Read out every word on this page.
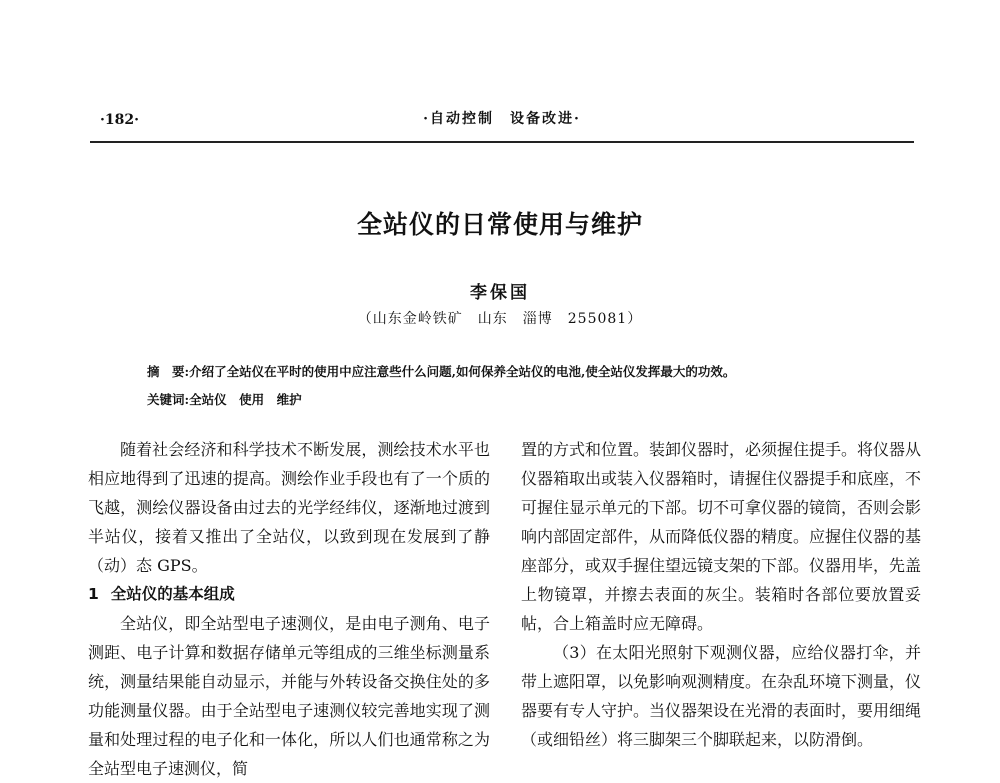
·182·	·自动控制　设备改进·
全站仪的日常使用与维护
李保国
（山东金岭铁矿　山东　淄博　255081）
摘　要:介绍了全站仪在平时的使用中应注意些什么问题,如何保养全站仪的电池,使全站仪发挥最大的功效。
关键词:全站仪　使用　维护

随着社会经济和科学技术不断发展，测绘技术水平也相应地得到了迅速的提高。测绘作业手段也有了一个质的飞越，测绘仪器设备由过去的光学经纬仪，逐渐地过渡到半站仪，接着又推出了全站仪，以致到现在发展到了静（动）态 GPS。

1 全站仪的基本组成

全站仪，即全站型电子速测仪，是由电子测角、电子测距、电子计算和数据存储单元等组成的三维坐标测量系统，测量结果能自动显示，并能与外转设备交换住处的多功能测量仪器。由于全站型电子速测仪较完善地实现了测量和处理过程的电子化和一体化，所以人们也通常称之为全站型电子速测仪，简

置的方式和位置。装卸仪器时，必须握住提手。将仪器从仪器箱取出或装入仪器箱时，请握住仪器提手和底座，不可握住显示单元的下部。切不可拿仪器的镜筒，否则会影响内部固定部件，从而降低仪器的精度。应握住仪器的基座部分，或双手握住望远镜支架的下部。仪器用毕，先盖上物镜罩，并擦去表面的灰尘。装箱时各部位要放置妥帖，合上箱盖时应无障碍。

（3）在太阳光照射下观测仪器，应给仪器打伞，并带上遮阳罩，以免影响观测精度。在杂乱环境下测量，仪器要有专人守护。当仪器架设在光滑的表面时，要用细绳（或细铅丝）将三脚架三个脚联起来，以防滑倒。
